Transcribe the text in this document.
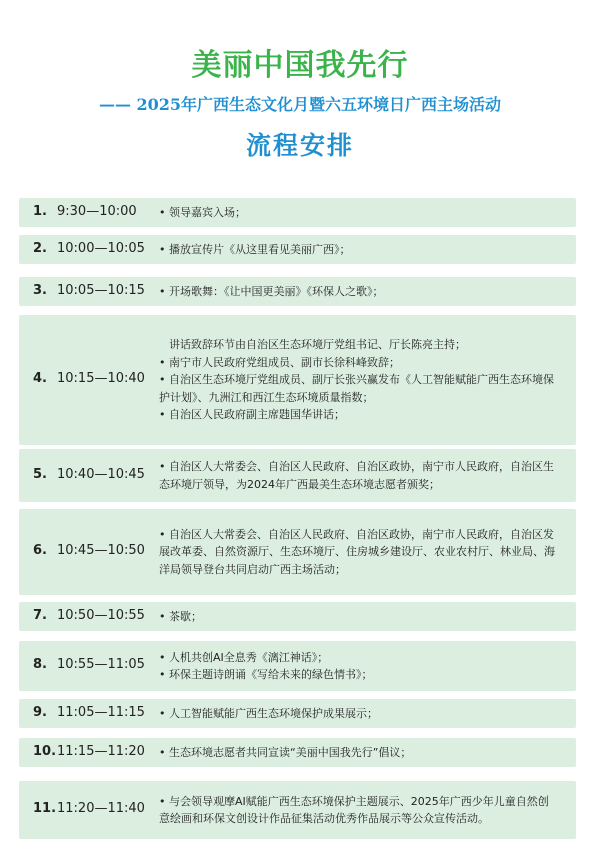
美丽中国我先行
—— 2025年广西生态文化月暨六五环境日广西主场活动
流程安排
1. 9:30—10:00 • 领导嘉宾入场；
2. 10:00—10:05 • 播放宣传片《从这里看见美丽广西》；
3. 10:05—10:15 • 开场歌舞：《让中国更美丽》《环保人之歌》；
4. 10:15—10:40
讲话致辞环节由自治区生态环境厅党组书记、厅长陈亮主持；
• 南宁市人民政府党组成员、副市长徐科峰致辞；
• 自治区生态环境厅党组成员、副厅长张兴赢发布《人工智能赋能广西生态环境保护计划》、九洲江和西江生态环境质量指数；
• 自治区人民政府副主席韪国华讲话；
5. 10:40—10:45 • 自治区人大常委会、自治区人民政府、自治区政协，南宁市人民政府，自治区生态环境厅领导，为2024年广西最美生态环境志愿者颁奖；
6. 10:45—10:50
• 自治区人大常委会、自治区人民政府、自治区政协，南宁市人民政府，自治区发展改革委、自然资源厅、生态环境厅、住房城乡建设厅、农业农村厅、林业局、海洋局领导登台共同启动广西主场活动；
7. 10:50—10:55 • 茶歇；
8. 10:55—11:05 • 人机共创AI全息秀《漓江神话》；
• 环保主题诗朗诵《写给未来的绿色情书》；
9. 11:05—11:15 • 人工智能赋能广西生态环境保护成果展示；
10. 11:15—11:20 • 生态环境志愿者共同宣读“美丽中国我先行”倡议；
11. 11:20—11:40 • 与会领导观摩AI赋能广西生态环境保护主题展示、2025年广西少年儿童自然创意绘画和环保文创设计作品征集活动优秀作品展示等公众宣传活动。
